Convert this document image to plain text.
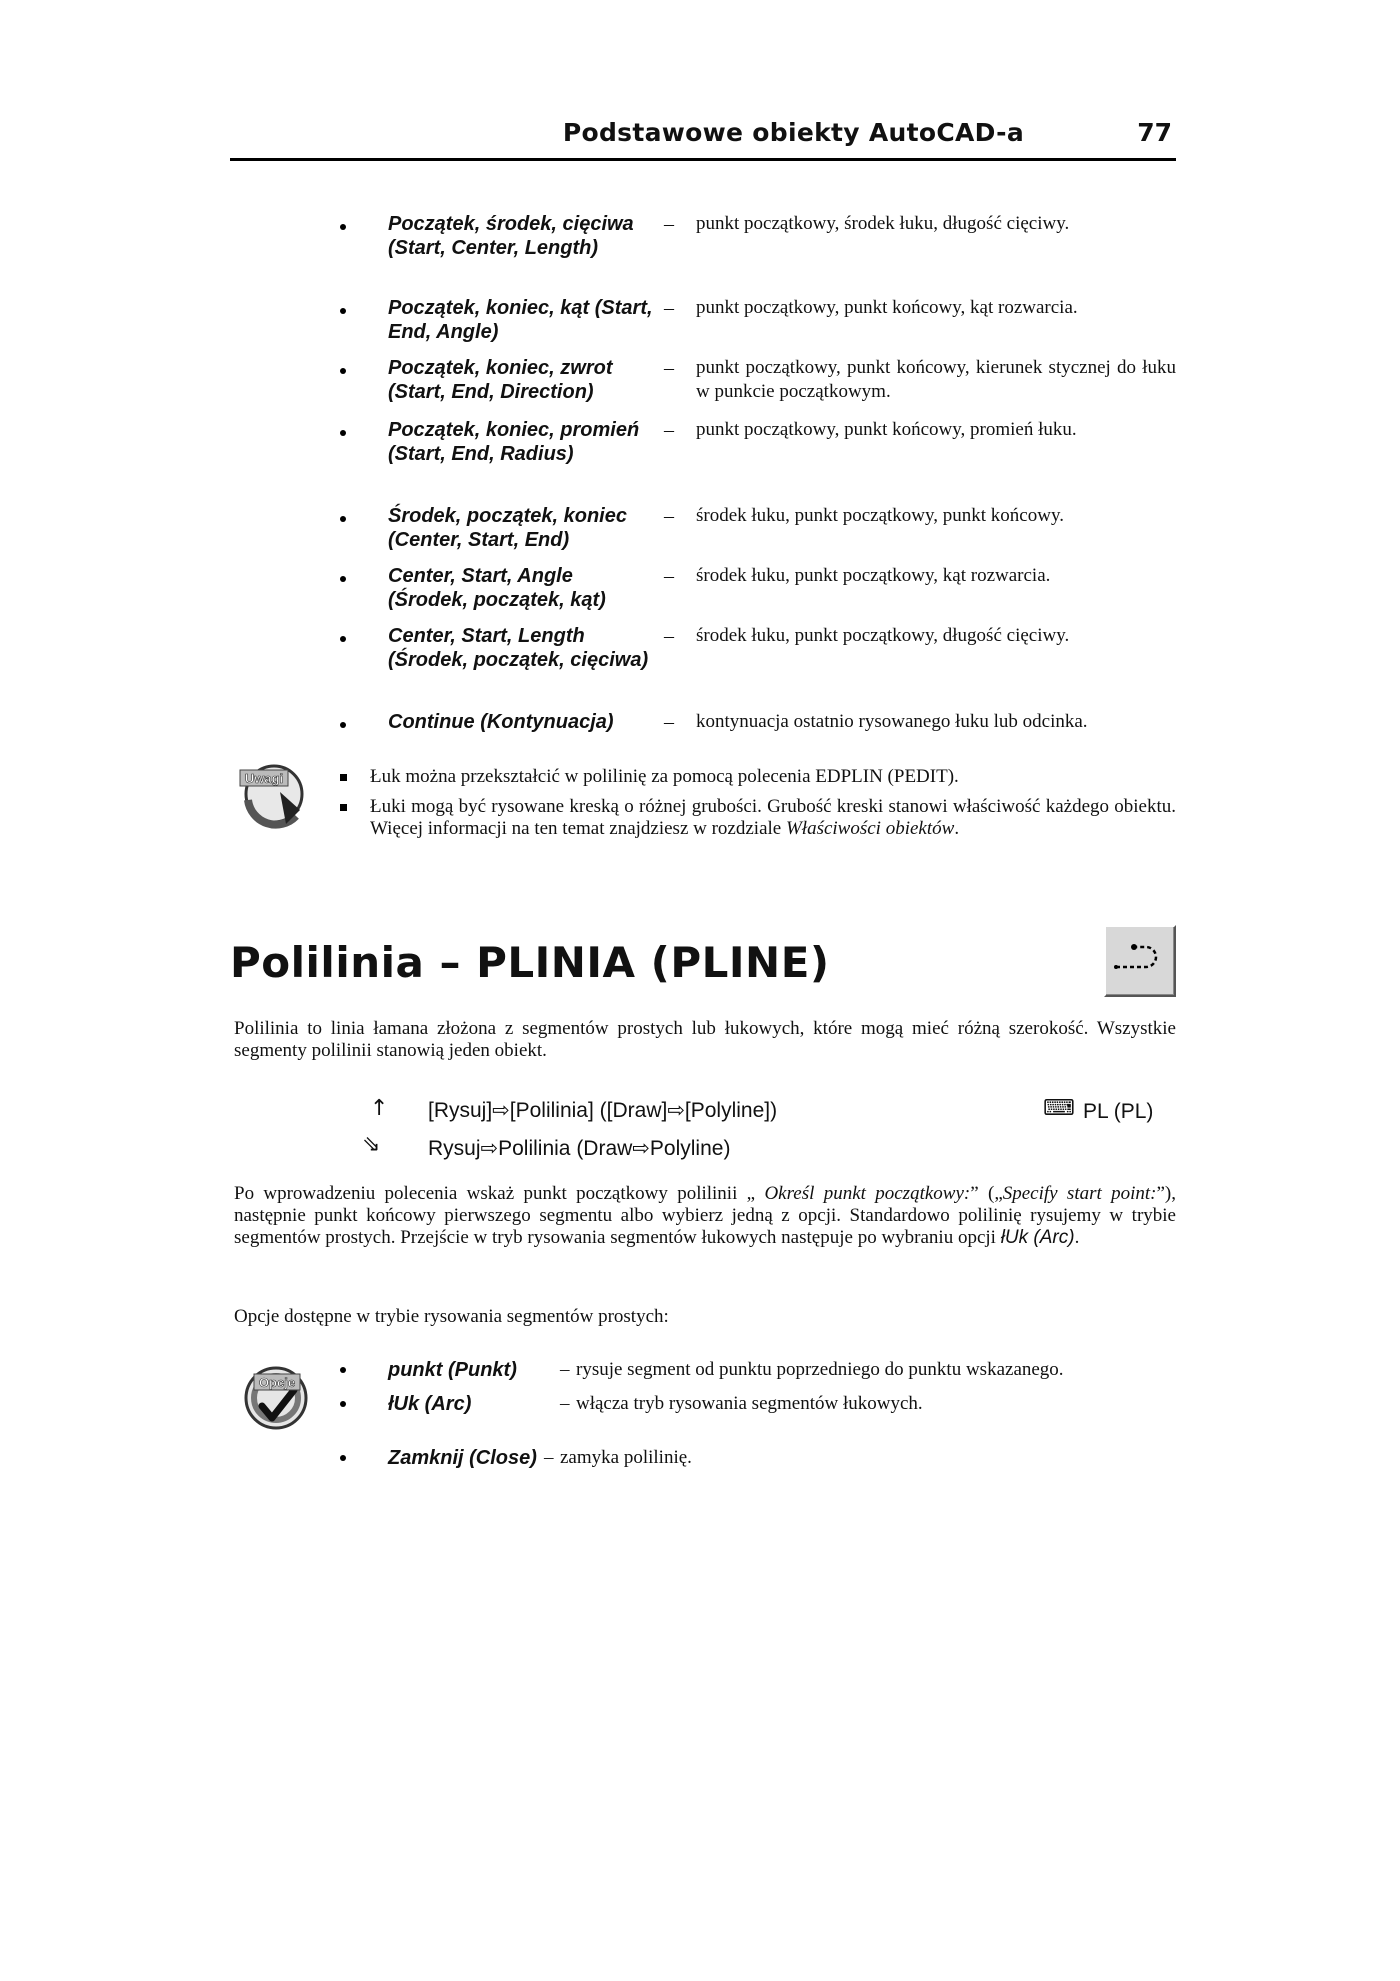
Podstawowe obiekty AutoCAD-a	77
Początek, środek, cięciwa (Start, Center, Length)
– punkt początkowy, środek łuku, długość cięciwy.
Początek, koniec, kąt (Start, End, Angle)
– punkt początkowy, punkt końcowy, kąt rozwarcia.
Początek, koniec, zwrot (Start, End, Direction)
– punkt początkowy, punkt końcowy, kierunek stycznej do łuku w punkcie początkowym.
Początek, koniec, promień (Start, End, Radius)
– punkt początkowy, punkt końcowy, promień łuku.
Środek, początek, koniec (Center, Start, End)
– środek łuku, punkt początkowy, punkt końcowy.
Center, Start, Angle (Środek, początek, kąt)
– środek łuku, punkt początkowy, kąt rozwarcia.
Center, Start, Length (Środek, początek, cięciwa)
– środek łuku, punkt początkowy, długość cięciwy.
Continue (Kontynuacja)	– kontynuacja ostatnio rysowanego łuku lub odcinka.
Uwagi	Łuk można przekształcić w polilinię za pomocą polecenia EDPLIN (PEDIT).
Łuki mogą być rysowane kreską o różnej grubości. Grubość kreski stanowi właściwość każdego obiektu. Więcej informacji na ten temat znajdziesz w rozdziale Właściwości obiektów.
Polilinia – PLINIA (PLINE)
Polilinia to linia łamana złożona z segmentów prostych lub łukowych, które mogą mieć różną szerokość. Wszystkie segmenty polilinii stanowią jeden obiekt.
↑ [Rysuj]⇨[Polilinia] ([Draw]⇨[Polyline])	⌨ PL (PL)
⇘ Rysuj⇨Polilinia (Draw⇨Polyline)
Po wprowadzeniu polecenia wskaż punkt początkowy polilinii „ Określ punkt początkowy:” („Specify start point:”), następnie punkt końcowy pierwszego segmentu albo wybierz jedną z opcji. Standardowo polilinię rysujemy w trybie segmentów prostych. Przejście w tryb rysowania segmentów łukowych następuje po wybraniu opcji łUk (Arc).
Opcje dostępne w trybie rysowania segmentów prostych:
Opcje
punkt (Punkt) – rysuje segment od punktu poprzedniego do punktu wskazanego.
łUk (Arc)	– włącza tryb rysowania segmentów łukowych.
Zamknij (Close) – zamyka polilinię.
